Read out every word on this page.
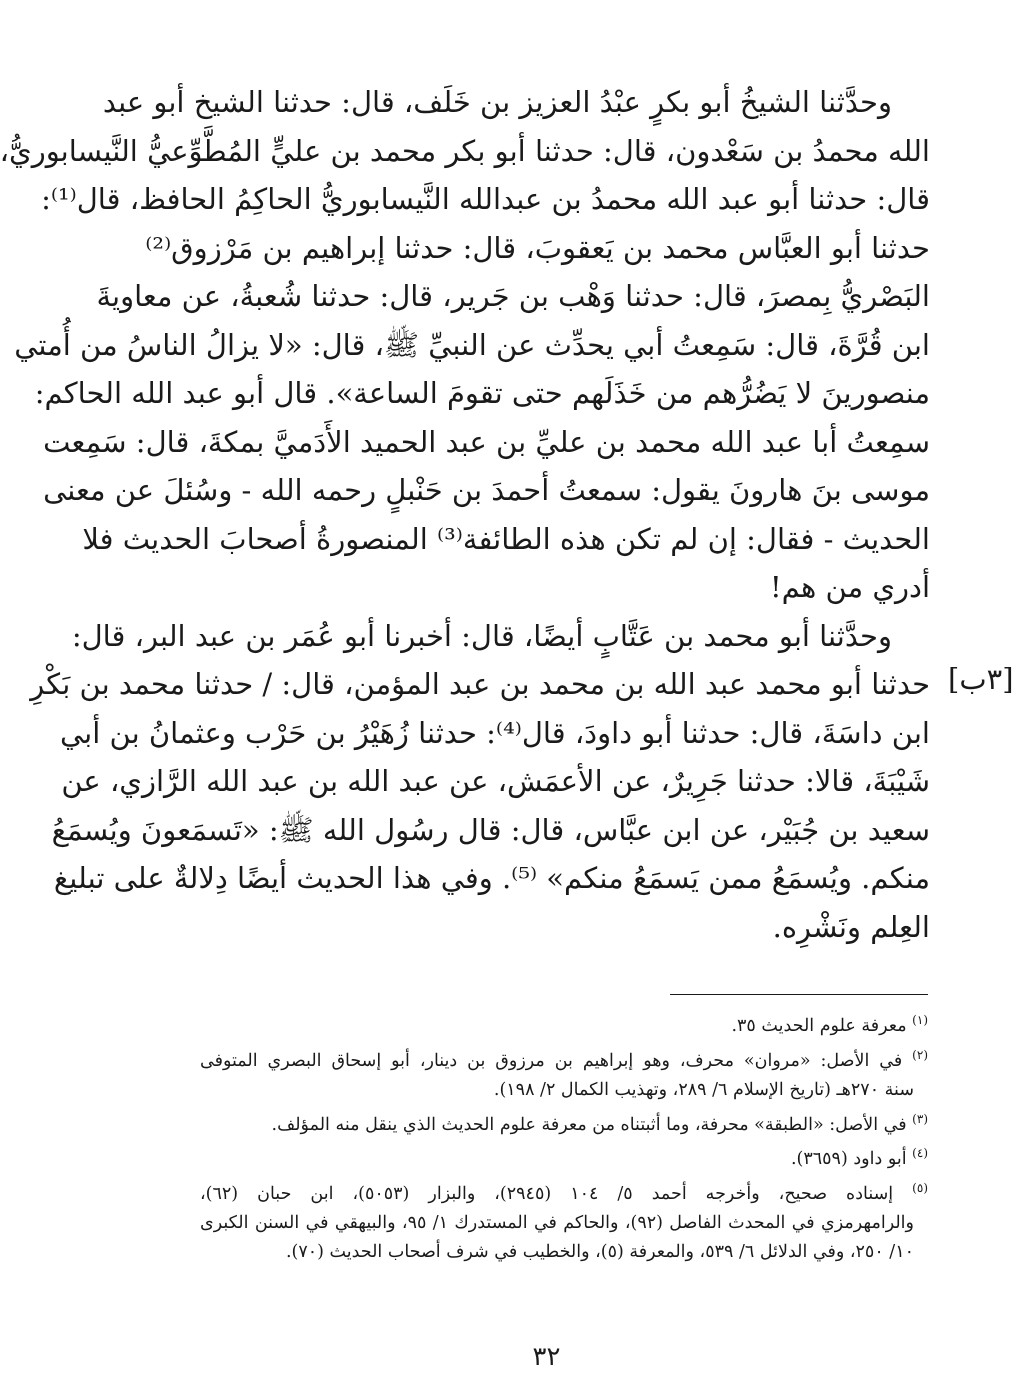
وحدَّثنا الشيخُ أبو بكرٍ عبْدُ العزيز بن خَلَف، قال: حدثنا الشيخ أبو عبد
الله محمدُ بن سَعْدون، قال: حدثنا أبو بكر محمد بن عليٍّ المُطَّوِّعيُّ النَّيسابوريُّ،
قال: حدثنا أبو عبد الله محمدُ بن عبدالله النَّيسابوريُّ الحاكِمُ الحافظ، قال⁽¹⁾:
حدثنا أبو العبَّاس محمد بن يَعقوبَ، قال: حدثنا إبراهيم بن مَرْزوق⁽²⁾
البَصْريُّ بِمصرَ، قال: حدثنا وَهْب بن جَرير، قال: حدثنا شُعبةُ، عن معاويةَ
ابن قُرَّةَ، قال: سَمِعتُ أبي يحدِّث عن النبيِّ ﷺ، قال: «لا يزالُ الناسُ من أُمتي
منصورينَ لا يَضُرُّهم من خَذَلَهم حتى تقومَ الساعة». قال أبو عبد الله الحاكم:
سمِعتُ أبا عبد الله محمد بن عليِّ بن عبد الحميد الأَدَميَّ بمكةَ، قال: سَمِعت
موسى بنَ هارونَ يقول: سمعتُ أحمدَ بن حَنْبلٍ رحمه الله - وسُئلَ عن معنى
الحديث - فقال: إن لم تكن هذه الطائفة⁽³⁾ المنصورةُ أصحابَ الحديث فلا
أدري من هم!
وحدَّثنا أبو محمد بن عَتَّابٍ أيضًا، قال: أخبرنا أبو عُمَر بن عبد البر، قال:
حدثنا أبو محمد عبد الله بن محمد بن عبد المؤمن، قال: / حدثنا محمد بن بَكْرِ
ابن داسَةَ، قال: حدثنا أبو داودَ، قال⁽⁴⁾: حدثنا زُهَيْرُ بن حَرْب وعثمانُ بن أبي
شَيْبَةَ، قالا: حدثنا جَرِيرٌ، عن الأعمَش، عن عبد الله بن عبد الله الرَّازي، عن
سعيد بن جُبَيْر، عن ابن عبَّاس، قال: قال رسُول الله ﷺ: «تَسمَعونَ ويُسمَعُ
منكم. ويُسمَعُ ممن يَسمَعُ منكم» ⁽⁵⁾. وفي هذا الحديث أيضًا دِلالةٌ على تبليغ
العِلم ونَشْرِه.
[٣ب]
$^{(١)}$ معرفة علوم الحديث ٣٥.
$^{(٢)}$ في الأصل: «مروان» محرف، وهو إبراهيم بن مرزوق بن دينار، أبو إسحاق البصري المتوفى
سنة ٢٧٠هـ (تاريخ الإسلام ٦/ ٢٨٩، وتهذيب الكمال ٢/ ١٩٨).
$^{(٣)}$ في الأصل: «الطبقة» محرفة، وما أثبتناه من معرفة علوم الحديث الذي ينقل منه المؤلف.
$^{(٤)}$ أبو داود (٣٦٥٩).
$^{(٥)}$ إسناده صحيح، وأخرجه أحمد ٥/ ١٠٤ (٢٩٤٥)، والبزار (٥٠٥٣)، ابن حبان (٦٢)،
والرامهرمزي في المحدث الفاصل (٩٢)، والحاكم في المستدرك ١/ ٩٥، والبيهقي في السنن الكبرى
١٠/ ٢٥٠، وفي الدلائل ٦/ ٥٣٩، والمعرفة (٥)، والخطيب في شرف أصحاب الحديث (٧٠).
٣٢
